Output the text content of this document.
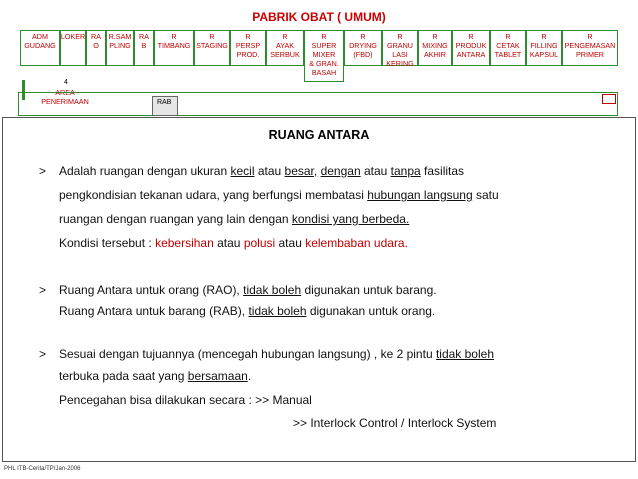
PABRIK OBAT ( UMUM)
ADM
GUDANG
LOKER RA
O
R.SAM
PLING
RA
B
R
TIMBANG
R
STAGING
R
PERSP
PROD.
R
AYAK
SERBUK
R
SUPER
MIXER
& GRAN.
BASAH
R
DRYING
(FBD)
R
GRANU
LASI
KERING
R
MIXING
AKHIR
R
PRODUK
ANTARA
R
CETAK
TABLET
R
FILLING
KAPSUL
R
PENGEMASAN
PRIMER
4
AREA
PENERIMAAN	RAB
RUANG ANTARA
> Adalah ruangan dengan ukuran kecil atau besar, dengan atau tanpa fasilitas
pengkondisian tekanan udara, yang berfungsi membatasi hubungan langsung satu
ruangan dengan ruangan yang lain dengan kondisi yang berbeda.
Kondisi tersebut : kebersihan atau polusi atau kelembaban udara.
> Ruang Antara untuk orang (RAO), tidak boleh digunakan untuk barang.
Ruang Antara untuk barang (RAB), tidak boleh digunakan untuk orang.
> Sesuai dengan tujuannya (mencegah hubungan langsung) , ke 2 pintu tidak boleh
terbuka pada saat yang bersamaan.
Pencegahan bisa dilakukan secara : >> Manual
>> Interlock Control / Interlock System
PHL ITB-Cerita/TP/Jan-2006
